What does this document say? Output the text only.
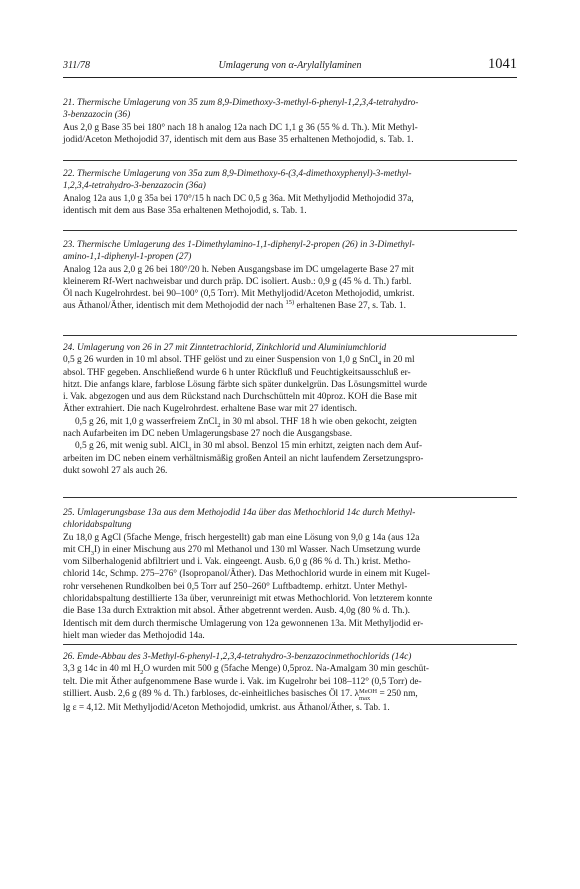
311/78	Umlagerung von α-Arylallylaminen	1041

21. Thermische Umlagerung von 35 zum 8,9-Dimethoxy-3-methyl-6-phenyl-1,2,3,4-tetrahydro-

3-benzazocin (36)

Aus 2,0 g Base 35 bei 180° nach 18 h analog 12a nach DC 1,1 g 36 (55 % d. Th.). Mit Methyl-

jodid/Aceton Methojodid 37, identisch mit dem aus Base 35 erhaltenen Methojodid, s. Tab. 1.

22. Thermische Umlagerung von 35a zum 8,9-Dimethoxy-6-(3,4-dimethoxyphenyl)-3-methyl-

1,2,3,4-tetrahydro-3-benzazocin (36a)

Analog 12a aus 1,0 g 35a bei 170°/15 h nach DC 0,5 g 36a. Mit Methyljodid Methojodid 37a,

identisch mit dem aus Base 35a erhaltenen Methojodid, s. Tab. 1.

23. Thermische Umlagerung des 1-Dimethylamino-1,1-diphenyl-2-propen (26) in 3-Dimethyl-

amino-1,1-diphenyl-1-propen (27)

Analog 12a aus 2,0 g 26 bei 180°/20 h. Neben Ausgangsbase im DC umgelagerte Base 27 mit

kleinerem Rf-Wert nachweisbar und durch präp. DC isoliert. Ausb.: 0,9 g (45 % d. Th.) farbl.

Öl nach Kugelrohrdest. bei 90–100° (0,5 Torr). Mit Methyljodid/Aceton Methojodid, umkrist.

aus Äthanol/Äther, identisch mit dem Methojodid der nach $^{15)}$ erhaltenen Base 27, s. Tab. 1.

24. Umlagerung von 26 in 27 mit Zinntetrachlorid, Zinkchlorid und Aluminiumchlorid

0,5 g 26 wurden in 10 ml absol. THF gelöst und zu einer Suspension von 1,0 g SnCl$_4$ in 20 ml

absol. THF gegeben. Anschließend wurde 6 h unter Rückfluß und Feuchtigkeitsausschluß er-

hitzt. Die anfangs klare, farblose Lösung färbte sich später dunkelgrün. Das Lösungsmittel wurde

i. Vak. abgezogen und aus dem Rückstand nach Durchschütteln mit 40proz. KOH die Base mit

Äther extrahiert. Die nach Kugelrohrdest. erhaltene Base war mit 27 identisch.

0,5 g 26, mit 1,0 g wasserfreiem ZnCl$_2$ in 30 ml absol. THF 18 h wie oben gekocht, zeigten

nach Aufarbeiten im DC neben Umlagerungsbase 27 noch die Ausgangsbase.

0,5 g 26, mit wenig subl. AlCl$_3$ in 30 ml absol. Benzol 15 min erhitzt, zeigten nach dem Auf-

arbeiten im DC neben einem verhältnismäßig großen Anteil an nicht laufendem Zersetzungspro-

dukt sowohl 27 als auch 26.

25. Umlagerungsbase 13a aus dem Methojodid 14a über das Methochlorid 14c durch Methyl-

chloridabspaltung

Zu 18,0 g AgCl (5fache Menge, frisch hergestellt) gab man eine Lösung von 9,0 g 14a (aus 12a

mit $CH_3I$) in einer Mischung aus 270 ml Methanol und 130 ml Wasser. Nach Umsetzung wurde

vom Silberhalogenid abfiltriert und i. Vak. eingeengt. Ausb. 6,0 g (86 % d. Th.) krist. Metho-

chlorid 14c, Schmp. 275–276° (Isopropanol/Äther). Das Methochlorid wurde in einem mit Kugel-

rohr versehenen Rundkolben bei 0,5 Torr auf 250–260° Luftbadtemp. erhitzt. Unter Methyl-

chloridabspaltung destillierte 13a über, verunreinigt mit etwas Methochlorid. Von letzterem konnte

die Base 13a durch Extraktion mit absol. Äther abgetrennt werden. Ausb. 4,0g (80 % d. Th.).

Identisch mit dem durch thermische Umlagerung von 12a gewonnenen 13a. Mit Methyljodid er-

hielt man wieder das Methojodid 14a.

26. Emde-Abbau des 3-Methyl-6-phenyl-1,2,3,4-tetrahydro-3-benzazocinmethochlorids (14c)

3,3 g 14c in 40 ml $H_2O$ wurden mit 500 g (5fache Menge) 0,5proz. Na-Amalgam 30 min geschüt-

telt. Die mit Äther aufgenommene Base wurde i. Vak. im Kugelrohr bei 108–112° (0,5 Torr) de-

stilliert. Ausb. 2,6 g (89 % d. Th.) farbloses, dc-einheitliches basisches Öl 17. λMeOH
max = 250 nm,

lg ε = 4,12. Mit Methyljodid/Aceton Methojodid, umkrist. aus Äthanol/Äther, s. Tab. 1.
